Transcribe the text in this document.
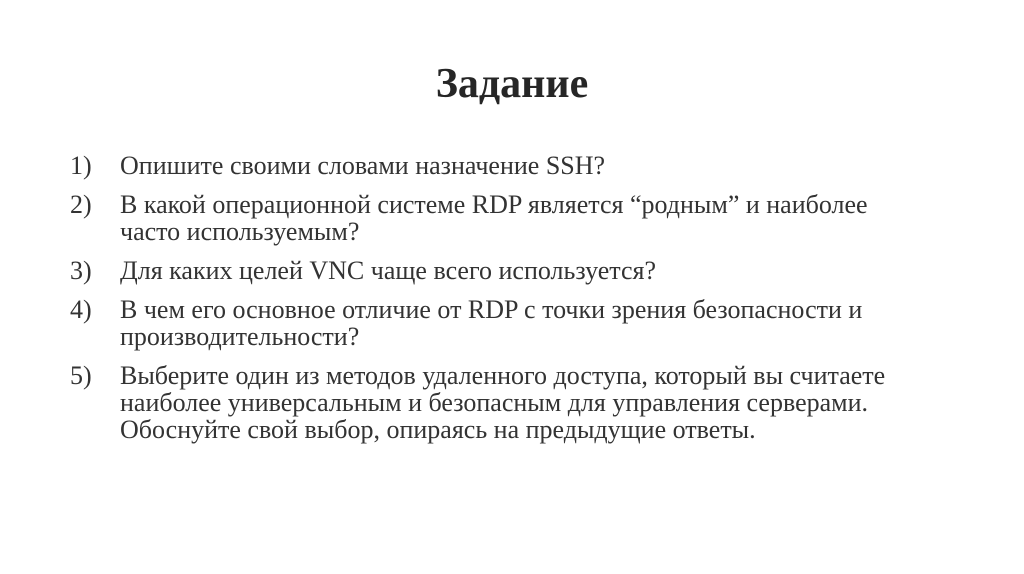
Задание
1)	Опишите своими словами назначение SSH?
2)	В какой операционной системе RDP является “родным” и наиболее часто используемым?
3)	Для каких целей VNC чаще всего используется?
4)	В чем его основное отличие от RDP с точки зрения безопасности и производительности?
5)	Выберите один из методов удаленного доступа, который вы считаете наиболее универсальным и безопасным для управления серверами. Обоснуйте свой выбор, опираясь на предыдущие ответы.
